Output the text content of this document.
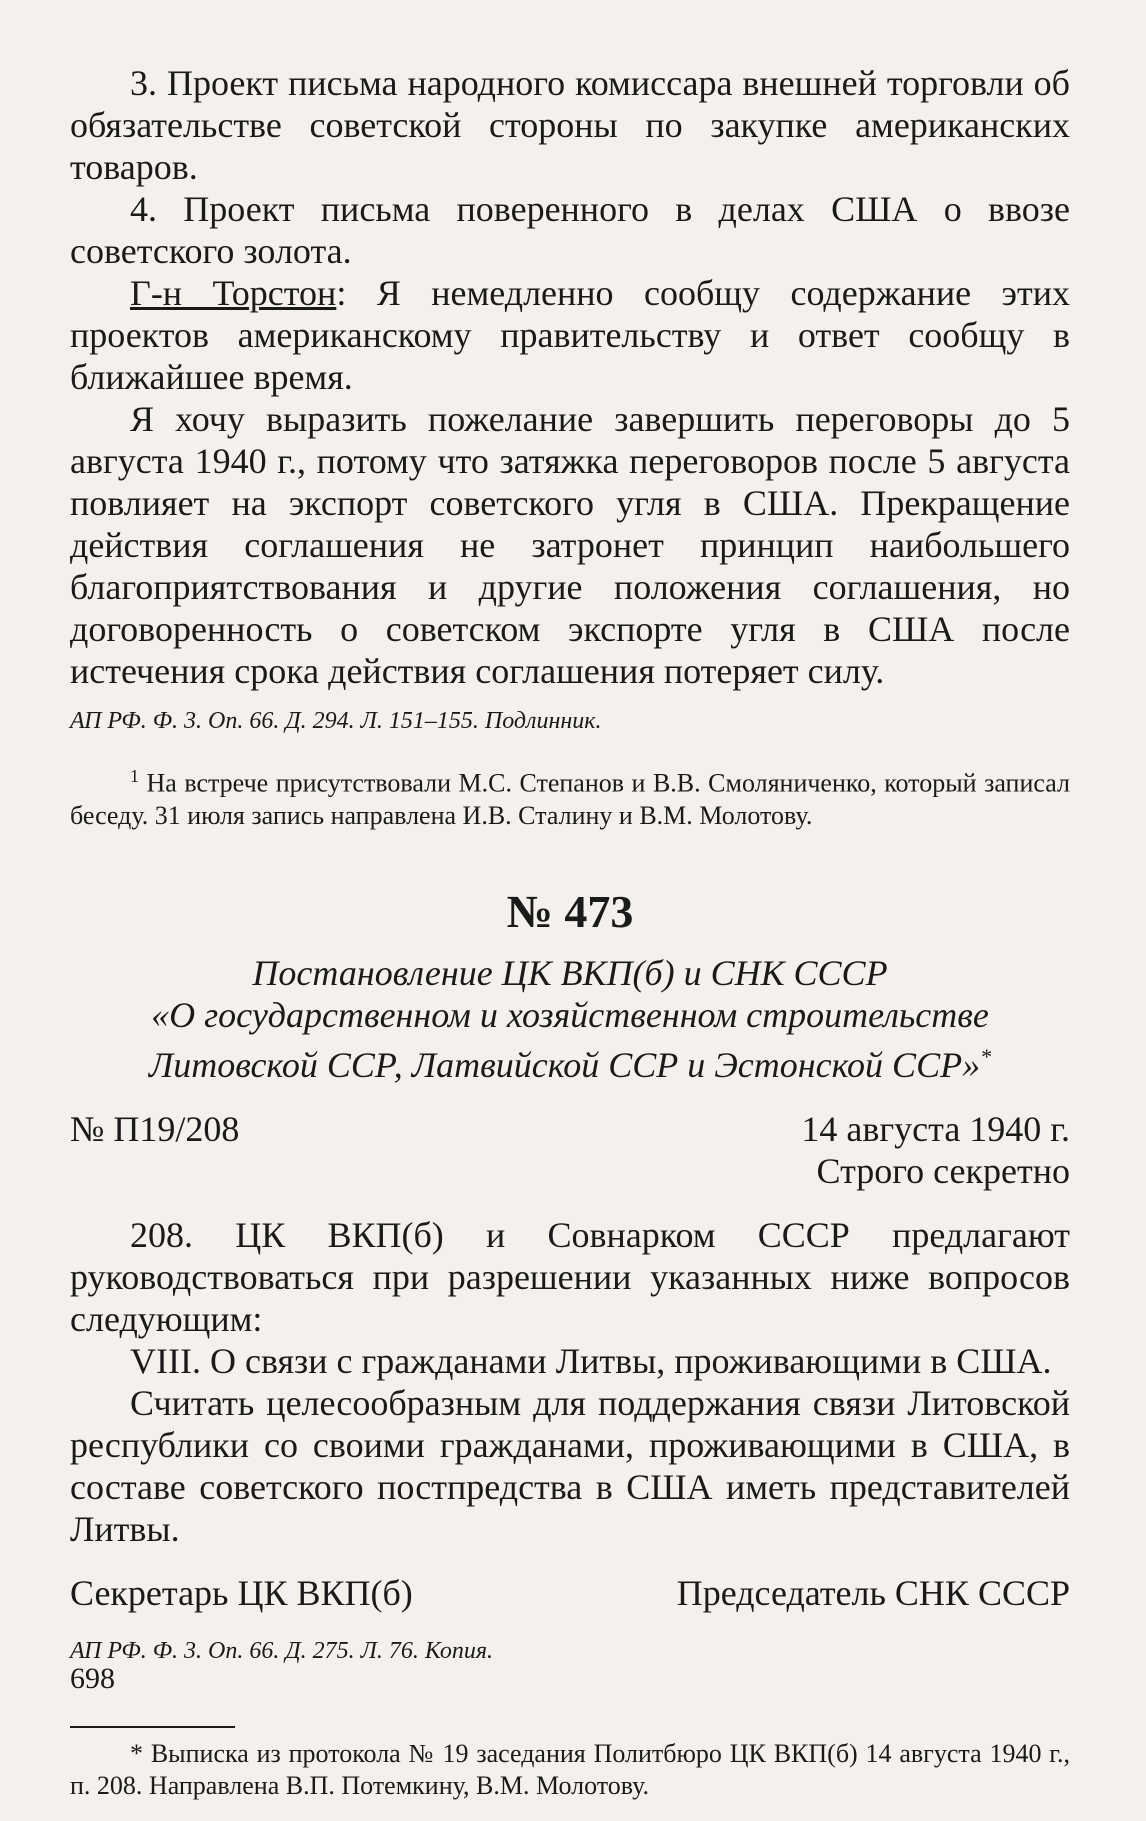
3. Проект письма народного комиссара внешней торговли об обязательстве советской стороны по закупке американских товаров.

4. Проект письма поверенного в делах США о ввозе советского золота.

Г-н Торстон: Я немедленно сообщу содержание этих проектов американскому правительству и ответ сообщу в ближайшее время.

Я хочу выразить пожелание завершить переговоры до 5 августа 1940 г., потому что затяжка переговоров после 5 августа повлияет на экспорт советского угля в США. Прекращение действия соглашения не затронет принцип наибольшего благоприятствования и другие положения соглашения, но договоренность о советском экспорте угля в США после истечения срока действия соглашения потеряет силу.

АП РФ. Ф. 3. Оп. 66. Д. 294. Л. 151–155. Подлинник.

$^1$ На встрече присутствовали М.С. Степанов и В.В. Смоляниченко, который записал беседу. 31 июля запись направлена И.В. Сталину и В.М. Молотову.

№ 473

Постановление ЦК ВКП(б) и СНК СССР

«О государственном и хозяйственном строительстве

Литовской ССР, Латвийской ССР и Эстонской ССР»*

№ П19/208	14 августа 1940 г.

Строго секретно

208. ЦК ВКП(б) и Совнарком СССР предлагают руководствоваться при разрешении указанных ниже вопросов следующим:

VIII. О связи с гражданами Литвы, проживающими в США.

Считать целесообразным для поддержания связи Литовской республики со своими гражданами, проживающими в США, в составе советского постпредства в США иметь представителей Литвы.

Секретарь ЦК ВКП(б)	Председатель СНК СССР

АП РФ. Ф. 3. Оп. 66. Д. 275. Л. 76. Копия.

* Выписка из протокола № 19 заседания Политбюро ЦК ВКП(б) 14 августа 1940 г., п. 208. Направлена В.П. Потемкину, В.М. Молотову.

698
